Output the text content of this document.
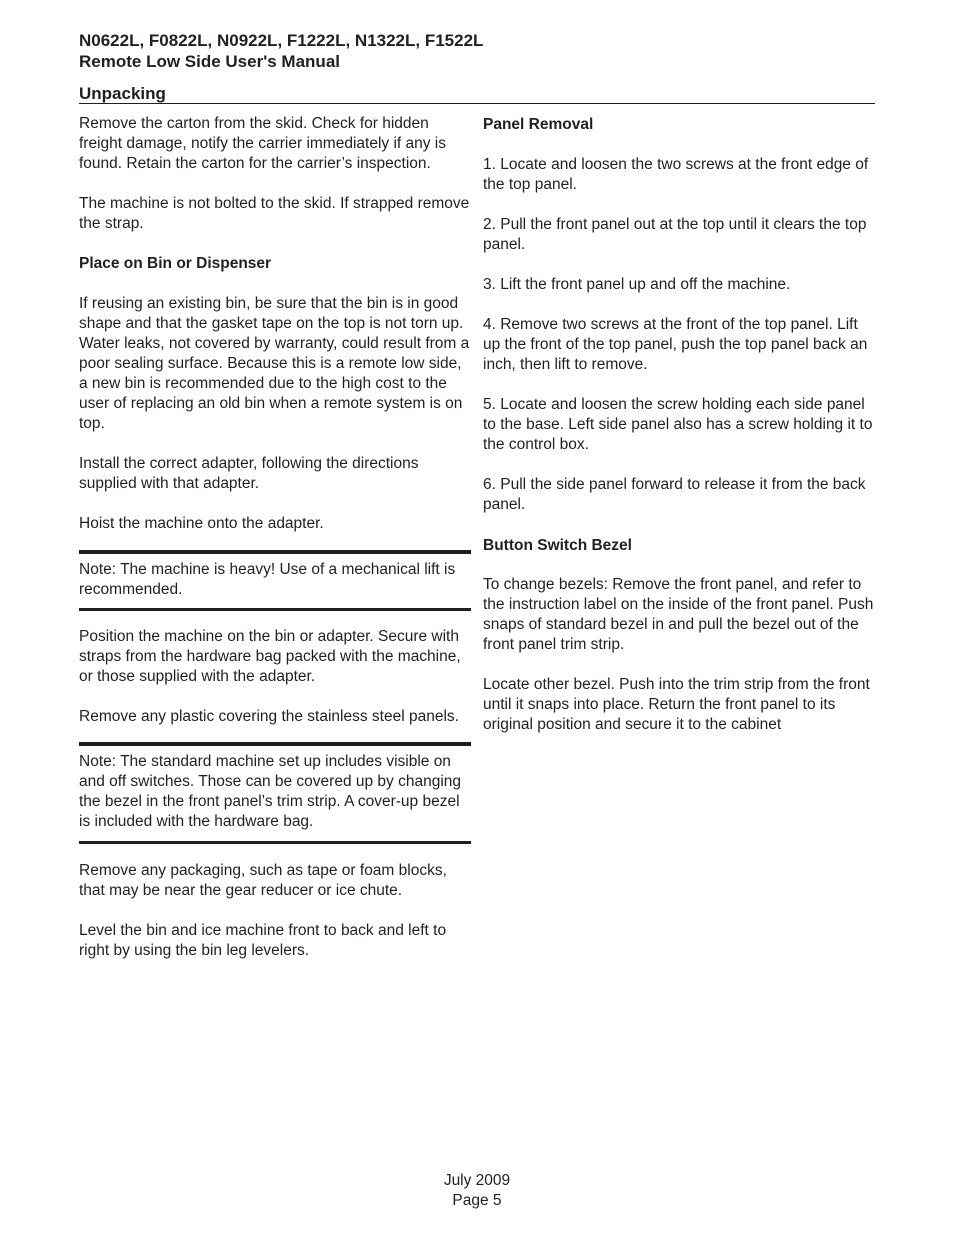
N0622L, F0822L, N0922L, F1222L, N1322L, F1522L
Remote Low Side User's Manual
Unpacking

Remove the carton from the skid. Check for hidden freight damage, notify the carrier immediately if any is found. Retain the carton for the carrier’s inspection.

The machine is not bolted to the skid. If strapped remove the strap.

Place on Bin or Dispenser

If reusing an existing bin, be sure that the bin is in good shape and that the gasket tape on the top is not torn up. Water leaks, not covered by warranty, could result from a poor sealing surface. Because this is a remote low side, a new bin is recommended due to the high cost to the user of replacing an old bin when a remote system is on top.

Install the correct adapter, following the directions supplied with that adapter.

Hoist the machine onto the adapter.

Note: The machine is heavy! Use of a mechanical lift is recommended.

Position the machine on the bin or adapter. Secure with straps from the hardware bag packed with the machine, or those supplied with the adapter.

Remove any plastic covering the stainless steel panels.

Note: The standard machine set up includes visible on and off switches. Those can be covered up by changing the bezel in the front panel’s trim strip. A cover-up bezel is included with the hardware bag.

Remove any packaging, such as tape or foam blocks, that may be near the gear reducer or ice chute.

Level the bin and ice machine front to back and left to right by using the bin leg levelers.

Panel Removal

1. Locate and loosen the two screws at the front edge of the top panel.

2. Pull the front panel out at the top until it clears the top panel.

3. Lift the front panel up and off the machine.

4. Remove two screws at the front of the top panel. Lift up the front of the top panel, push the top panel back an inch, then lift to remove.

5. Locate and loosen the screw holding each side panel to the base. Left side panel also has a screw holding it to the control box.

6. Pull the side panel forward to release it from the back panel.

Button Switch Bezel

To change bezels: Remove the front panel, and refer to the instruction label on the inside of the front panel. Push snaps of standard bezel in and pull the bezel out of the front panel trim strip.

Locate other bezel. Push into the trim strip from the front until it snaps into place. Return the front panel to its original position and secure it to the cabinet

July 2009
Page 5
